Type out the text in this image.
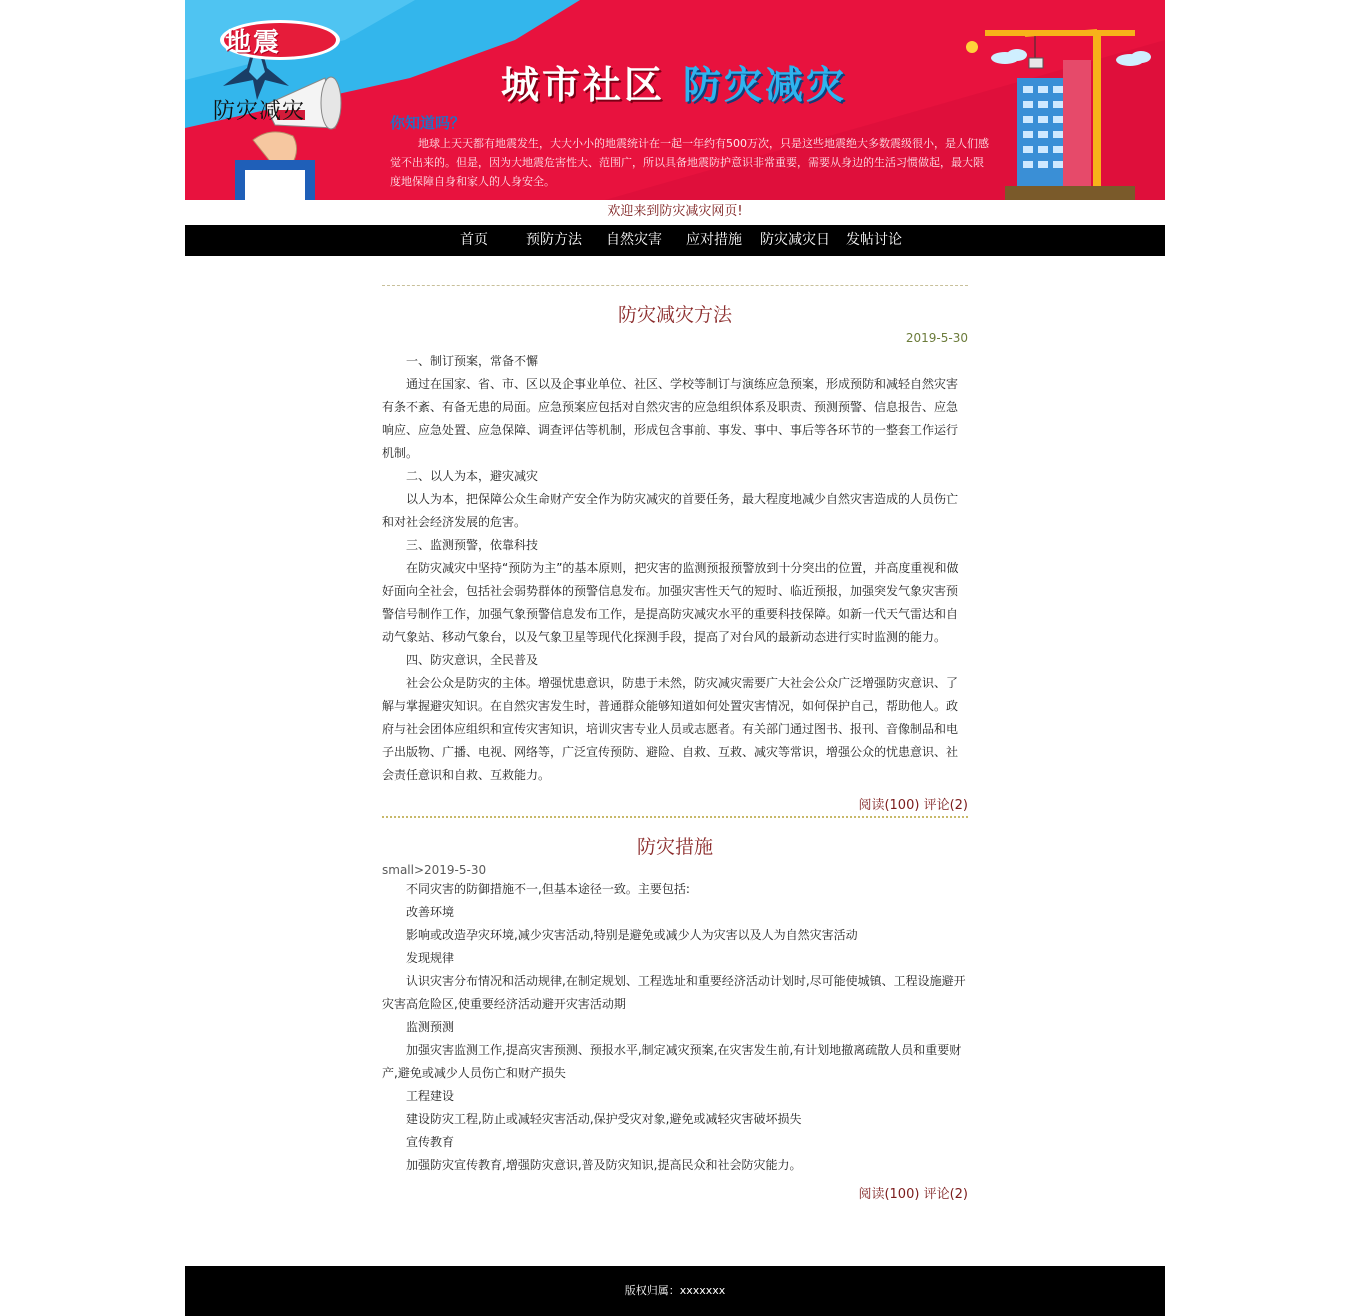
地震
防灾减灾
城市社区 防灾减灾
你知道吗？
地球上天天都有地震发生，大大小小的地震统计在一起一年约有500万次，只是这些地震绝大多数震级很小，是人们感觉不出来的。但是，因为大地震危害性大、范围广，所以具备地震防护意识非常重要，需要从身边的生活习惯做起，最大限度地保障自身和家人的人身安全。
欢迎来到防灾减灾网页!
首页	预防方法 自然灾害 应对措施 防灾减灾日 发帖讨论
防灾减灾方法
2019-5-30

一、制订预案，常备不懈

通过在国家、省、市、区以及企事业单位、社区、学校等制订与演练应急预案，形成预防和减轻自然灾害有条不紊、有备无患的局面。应急预案应包括对自然灾害的应急组织体系及职责、预测预警、信息报告、应急响应、应急处置、应急保障、调查评估等机制，形成包含事前、事发、事中、事后等各环节的一整套工作运行机制。

二、以人为本，避灾减灾

以人为本，把保障公众生命财产安全作为防灾减灾的首要任务，最大程度地减少自然灾害造成的人员伤亡和对社会经济发展的危害。

三、监测预警，依靠科技

在防灾减灾中坚持“预防为主”的基本原则，把灾害的监测预报预警放到十分突出的位置，并高度重视和做好面向全社会，包括社会弱势群体的预警信息发布。加强灾害性天气的短时、临近预报，加强突发气象灾害预警信号制作工作，加强气象预警信息发布工作，是提高防灾减灾水平的重要科技保障。如新一代天气雷达和自动气象站、移动气象台，以及气象卫星等现代化探测手段，提高了对台风的最新动态进行实时监测的能力。

四、防灾意识，全民普及

社会公众是防灾的主体。增强忧患意识，防患于未然，防灾减灾需要广大社会公众广泛增强防灾意识、了解与掌握避灾知识。在自然灾害发生时，普通群众能够知道如何处置灾害情况，如何保护自己，帮助他人。政府与社会团体应组织和宣传灾害知识，培训灾害专业人员或志愿者。有关部门通过图书、报刊、音像制品和电子出版物、广播、电视、网络等，广泛宣传预防、避险、自救、互救、减灾等常识，增强公众的忧患意识、社会责任意识和自救、互救能力。

阅读(100) 评论(2)
防灾措施
small>2019-5-30

不同灾害的防御措施不一,但基本途径一致。主要包括:

改善环境

影响或改造孕灾环境,减少灾害活动,特别是避免或减少人为灾害以及人为自然灾害活动

发现规律

认识灾害分布情况和活动规律,在制定规划、工程选址和重要经济活动计划时,尽可能使城镇、工程设施避开灾害高危险区,使重要经济活动避开灾害活动期

监测预测

加强灾害监测工作,提高灾害预测、预报水平,制定减灾预案,在灾害发生前,有计划地撤离疏散人员和重要财产,避免或减少人员伤亡和财产损失

工程建设

建设防灾工程,防止或减轻灾害活动,保护受灾对象,避免或减轻灾害破坏损失

宣传教育

加强防灾宣传教育,增强防灾意识,普及防灾知识,提高民众和社会防灾能力。

阅读(100) 评论(2)
版权归属：xxxxxxx
